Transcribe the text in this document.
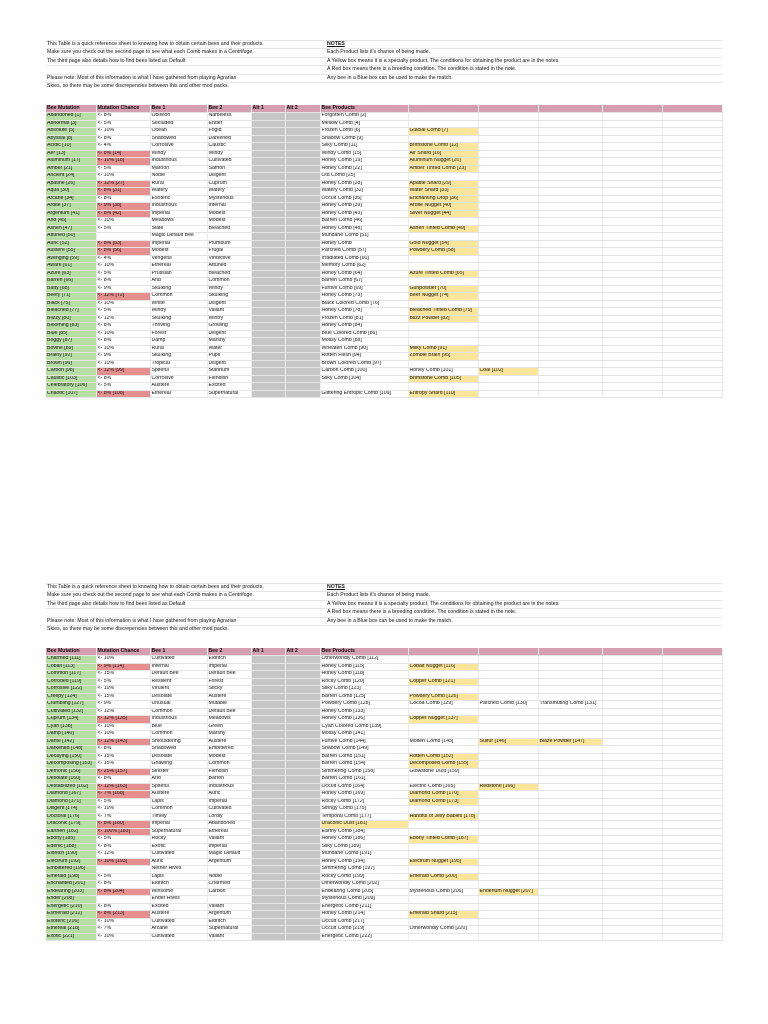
This Table is a quick reference sheet to knowing how to obtain certain bees and their products.	NOTES
Make sure you check out the second page to see what each Comb makes in a Centrifuge.	Each Product lists it's chance of being made.
The third page also details how to find bees listed as Default	A Yellow box means it is a specialty product. The conditions for obtaining the product are in the notes.
A Red box means there is a breeding condition. The condition is stated in the note.
Please note: Most of this information is what I have gathered from playing Agrarian	Any bee in a Blue box can be used to make the match.
Skies, so there may be some discrepencies between this and other mod packs.
Bee Mutation	Mutation Chance	Bee 1	Bee 2	Alt 1	Alt 2	Bee Products					
Abandoned [1]	<- 8%	Oblivion	Nameless			Forgotten Comb [2]					
Abnormal [3]	<- 5%	Secluded	Ender			Mellow Comb [4]					
Absolute [5]	<- 10%	Ocean	Frigid			Frozen Comb [6]	Glacial Comb [7]				
Abyssal [8]	<- 8%	Shadowed	Darkened			Shadow Comb [9]					
Acidic [10]	<- 4%	Corrosive	Caustic			Silky Comb [11]	Brimstone Comb [12]				
Aer [13]	<- 8% [14]	Windy	Windy			Windy Comb [15]	Air Shard [16]				
Aluminum [17]	<- 10% [18]	Industrious	Cultivated			Honey Comb [19]	Aluminum Nugget [20]				
Amber [21]	<- 5%	Maroon	Saffron			Honey Comb [22]	Amber Tinted Comb [23]				
Ancient [24]	<- 10%	Noble	Diligent			Old Comb [25]					
Apatine [26]	<- 12% [27]	Rural	Cuprum			Honey Comb [28]	Apatite Shard [29]				
Aqua [30]	<- 8% [31]	Watery	Watery			Watery Comb [32]	Water Shard [33]				
Arcane [34]	<- 8%	Esoteric	Mysterious			Occult Comb [35]	Enchanting Drop [36]				
Ardite [37]	<- 9% [38]	Industrious	Infernal			Honey Comb [39]	Ardite Nugget [40]				
Argentum [41]	<- 8% [42]	Imperial	Modest			Honey Comb [43]	Silver Nugget [44]				
Arid [45]	<- 10%	Meadows	Modest			Barren Comb [46]					
Ashen [47]	<- 5%	Slate	Bleached			Honey Comb [48]	Ashen Tinted Comb [49]				
Attuned [50]		Magic Default Bee				Mundane Comb [51]					
Auric [52]	<- 8% [53]	Imperial	Plumbum			Honey Comb	Gold Nugget [54]				
Austere [55]	<- 8% [56]	Modest	Frugal			Parched Comb [57]	Powdery Comb [58]				
Avenging [59]	<- 4%	Vengeful	Vindictive			Irradiated Comb [60]					
Aware [61]	<- 10%	Ethereal	Attuned			Memory Comb [62]					
Azure [63]	<- 5%	Prussian	Bleached			Honey Comb [64]	Azure Tinted Comb [65]				
Barren [66]	<- 8%	Arid	Common			Barren Comb [67]					
Batty [68]	<- 9%	Skulking	Windy			Furtive Comb [69]	Gunpowder [70]				
Beefy [71]	<- 12% [72]	Common	Skulking			Honey Comb [73]	Beef Nugget [74]				
Black [75]	<- 10%	White	Diligent			Black Colored Comb [76]					
Bleached [77]	<- 5%	Wintry	Valiant			Honey Comb [78]	Bleached Tinted Comb [79]				
Blizzy [80]	<- 12%	Skulking	Wintry			Frozen Comb [81]	Blizz Powder [82]				
Blooming [83]	<- 8%	Thriving	Growing			Honey Comb [84]					
Blue [85]	<- 10%	Forest	Diligent			Blue Colored Comb [86]					
Boggy [87]	<- 8%	Damp	Marshy			Mossy Comb [88]					
Bovine [89]	<- 10%	Rural	Water			Wheaten Comb [90]	Milky Comb [91]				
Brainy [92]	<- 9%	Skulking	Pupil			Rotten Flesh [94]	Zombie Brain [95]				
Brown [96]	<- 10%	Tropical	Diligent			Brown Colored Comb [97]					
Carbon [98]	<- 12% [99]	Spiteful	Stannum			Carbon Comb [100]	Honey Comb [101]	Coal [102]			
Caustic [103]	<- 8%	Corrosive	Fiendish			Silky Comb [104]	Brimstone Comb [105]				
Celebratory [106]	<- 5%	Austere	Excited								
Chaotic [107]	<- 8% [108]	Ethereal	Supernatural			Glittering Entropic Comb [109]	Entropy Shard [110]				
This Table is a quick reference sheet to knowing how to obtain certain bees and their products.	NOTES
Make sure you check out the second page to see what each Comb makes in a Centrifuge.	Each Product lists it's chance of being made.
The third page also details how to find bees listed as Default	A Yellow box means it is a specialty product. The conditions for obtaining the product are in the notes.
A Red box means there is a breeding condition. The condition is stated in the note.
Please note: Most of this information is what I have gathered from playing Agrarian	Any bee in a Blue box can be used to make the match.
Skies, so there may be some discrepencies between this and other mod packs.
Bee Mutation	Mutation Chance	Bee 1	Bee 2	Alt 1	Alt 2	Bee Products					
Charmed [111]	<- 10%	Cultivated	Eldritch			Otherworldly Comb [112]					
Cobalt [113]	<- 9% [114]	Infernal	Imperial			Honey Comb [115]	Cobalt Nugget [116]				
Common [117]	<- 15%	Default Bee	Default Bee			Honey Comb [118]					
Corroded [119]	<- 5%	Resilient	Forest			Rocky Comb [120]	Copper Comb [121]				
Corrosive [122]	<- 10%	Virulent	Sticky			Silky Comb [123]					
Creepy [124]	<- 15%	Desolate	Austere			Barren Comb [125]	Powdery Comb [126]				
Crumbling [127]	<- 9%	Unusual	Mutable			Powdery Comb [128]	Cocoa Comb [129]	Parched Comb [130]	Transmuting Comb [131]		
Cultivated [132]	<- 12%	Common	Default Bee			Honey Comb [133]					
Cuprum [134]	<- 12% [135]	Industrious	Meadows			Honey Comb [136]	Copper Nugget [137]				
Cyan [138]	<- 10%	Blue	Green			Cyan Colored Comb [139]					
Damp [140]	<- 10%	Common	Marshy			Mossy Comb [141]					
Dante [142]	<- 12% [143]	Smouldering	Austere			Furtive Comb [144]	Molten Comb [145]	Sulfur [146]	Blaze Powder [147]		
Darkened [148]	<- 8%	Shadowed	Embittered			Shadow Comb [149]					
Decaying [150]	<- 15%	Desolate	Modest			Barren Comb [151]	Rotten Comb [152]				
Decomposing [153]	<- 15%	Gnawing	Common			Barren Comb [154]	Decomposed Comb [155]				
Demonic [156]	<- 25% [157]	Sinister	Fiendish			Simmering Comb [158]	Glowstone Dust [159]				
Desolate [160]	<- 8%	Arid	Barren			Barren Comb [161]					
Destabilized [162]	<- 12% [163]	Spiteful	Industrious			Occult Comb [164]	Electric Comb [165]	Redstone [166]			
Diamond [167]	<- 7% [168]	Austere	Auric			Honey Comb [169]	Diamond Comb [170]				
Diamond [171]	<- 5%	Lapis	Imperial			Rocky Comb [172]	Diamond Comb [173]				
Diligent [174]	<- 10%	Common	Cultivated			Stringy Comb [175]					
Doctoral [176]	<- 7%	Timely	Lordly			Temporal Comb [177]	Handful of Jelly Babies [178]				
Draconic [179]	<- 8% [180]	Imperial	Abandoned			Draconic Dust [181]					
Earthen [182]	<- 100% [183]	Supernatural	Ethereal			Earthy Comb [184]					
Ebony [185]	<- 5%	Rocky	Valiant			Honey Comb [186]	Ebony Tinted Comb [187]				
Edenic [188]	<- 8%	Exotic	Imperial			Silky Comb [189]					
Eldritch [190]	<- 12%	Cultivated	Magic Default			Mundane Comb [191]					
Electrum [192]	<- 10% [193]	Auric	Argentum			Honey Comb [194]	Electrum Nugget [195]				
Embittered [196]		Nether Hives				Simmering Comb [197]					
Emerald [198]	<- 5%	Lapis	Noble			Rocky Comb [199]	Emerald Comb [200]				
Enchanted [201]	<- 8%	Eldritch	Charmed			Otherworldly Comb [202]					
Endearing [203]	<- 8% [204]	Winsome	Carbon			Endearing Comb [205]	Mysterious Comb [206]	Enderium Nugget [207]			
Ender [208]		Ender Hives				Mysterious Comb [209]					
Energetic [210]	<- 8%	Excited	Valiant			Energetic Comb [211]					
Esmerald [212]	<- 8% [213]	Austere	Argentum			Honey Comb [214]	Emerald Shard [215]				
Esoteric [216]	<- 10%	Cultivated	Eldritch			Occult Comb [217]					
Ethereal [218]	<- 7%	Arcane	Supernatural			Occult Comb [219]	Otherworldly Comb [220]				
Exotic [221]	<- 10%	Cultivated	Valiant			Energetic Comb [222]					
